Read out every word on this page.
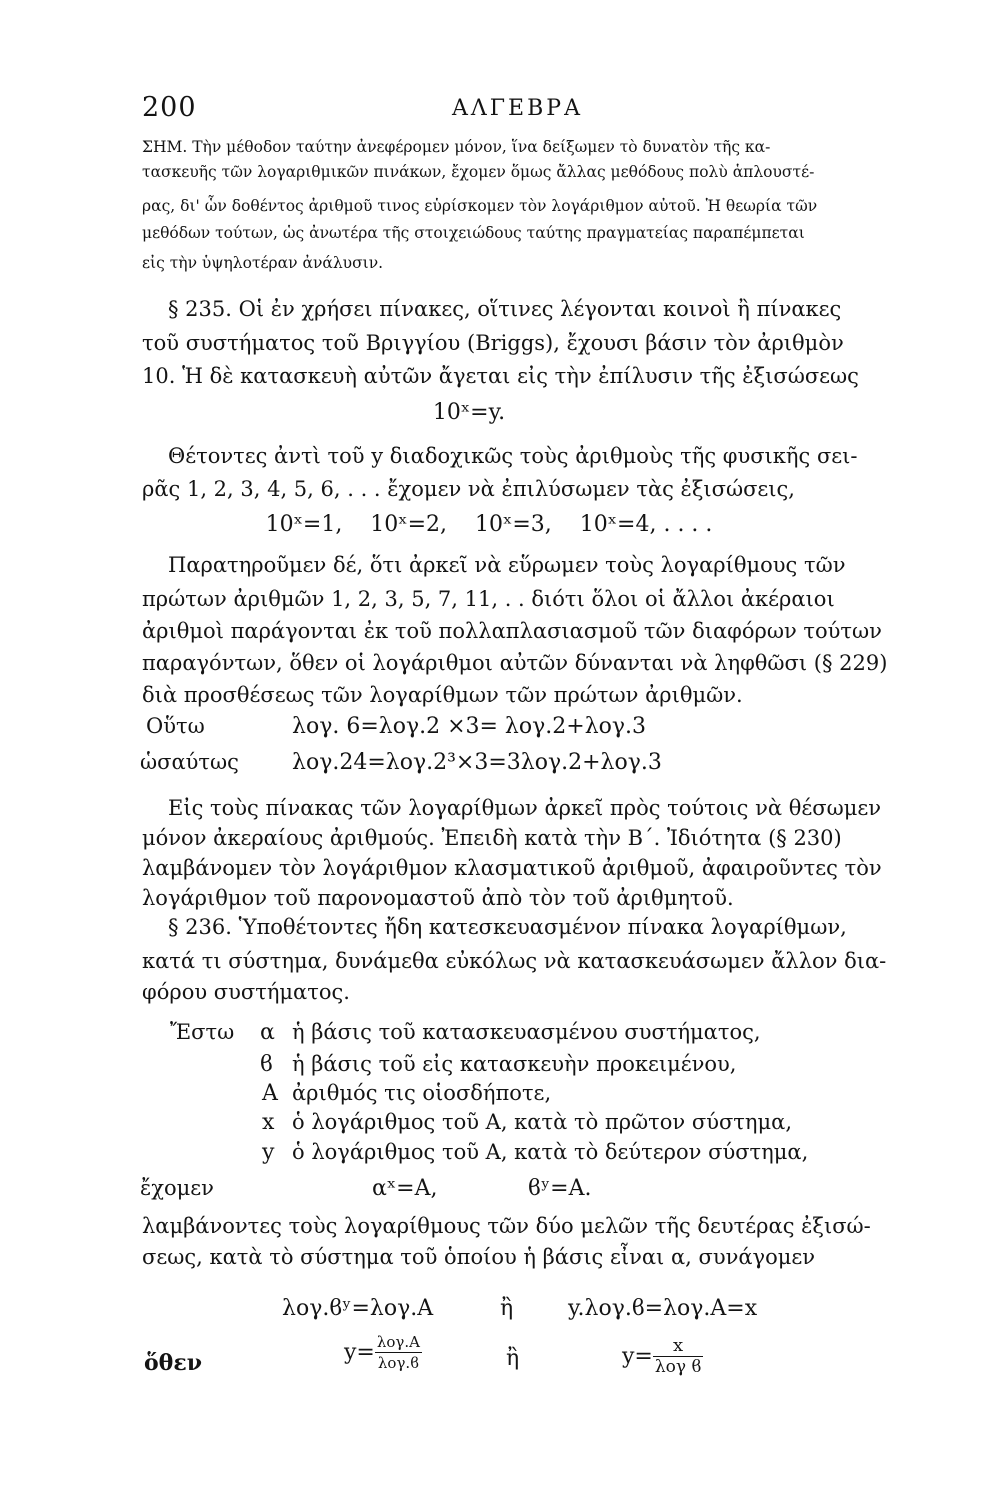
200	ΑΛΓΕΒΡΑ
ΣΗΜ. Τὴν μέθοδον ταύτην ἀνεφέρομεν μόνον, ἵνα δείξωμεν τὸ δυνατὸν τῆς κα-
τασκευῆς τῶν λογαριθμικῶν πινάκων, ἔχομεν ὅμως ἄλλας μεθόδους πολὺ ἁπλουστέ-
ρας, δι' ὧν δοθέντος ἀριθμοῦ τινος εὑρίσκομεν τὸν λογάριθμον αὐτοῦ. Ἡ θεωρία τῶν
μεθόδων τούτων, ὡς ἀνωτέρα τῆς στοιχειώδους ταύτης πραγματείας παραπέμπεται
εἰς τὴν ὑψηλοτέραν ἀνάλυσιν.
§ 235. Οἱ ἐν χρήσει πίνακες, οἵτινες λέγονται κοινοὶ ἢ πίνακες
τοῦ συστήματος τοῦ Βριγγίου (Briggs), ἔχουσι βάσιν τὸν ἀριθμὸν
10. Ἡ δὲ κατασκευὴ αὐτῶν ἄγεται εἰς τὴν ἐπίλυσιν τῆς ἐξισώσεως
10ˣ=y.
Θέτοντες ἀντὶ τοῦ y διαδοχικῶς τοὺς ἀριθμοὺς τῆς φυσικῆς σει-
ρᾶς 1, 2, 3, 4, 5, 6, . . . ἔχομεν νὰ ἐπιλύσωμεν τὰς ἐξισώσεις,
10ˣ=1,    10ˣ=2,    10ˣ=3,    10ˣ=4, . . . .
Παρατηροῦμεν δέ, ὅτι ἀρκεῖ νὰ εὕρωμεν τοὺς λογαρίθμους τῶν
πρώτων ἀριθμῶν 1, 2, 3, 5, 7, 11, . . διότι ὅλοι οἱ ἄλλοι ἀκέραιοι
ἀριθμοὶ παράγονται ἐκ τοῦ πολλαπλασιασμοῦ τῶν διαφόρων τούτων
παραγόντων, ὅθεν οἱ λογάριθμοι αὐτῶν δύνανται νὰ ληφθῶσι (§ 229)
διὰ προσθέσεως τῶν λογαρίθμων τῶν πρώτων ἀριθμῶν.
Οὕτω	λογ. 6=λογ.2 ×3= λογ.2+λογ.3
ὡσαύτως λογ.24=λογ.2³×3=3λογ.2+λογ.3
Εἰς τοὺς πίνακας τῶν λογαρίθμων ἀρκεῖ πρὸς τούτοις νὰ θέσωμεν
μόνον ἀκεραίους ἀριθμούς. Ἐπειδὴ κατὰ τὴν Β΄. Ἰδιότητα (§ 230)
λαμβάνομεν τὸν λογάριθμον κλασματικοῦ ἀριθμοῦ, ἀφαιροῦντες τὸν
λογάριθμον τοῦ παρονομαστοῦ ἀπὸ τὸν τοῦ ἀριθμητοῦ.
§ 236. Ὑποθέτοντες ἤδη κατεσκευασμένον πίνακα λογαρίθμων,
κατά τι σύστημα, δυνάμεθα εὐκόλως νὰ κατασκευάσωμεν ἄλλον δια-
φόρου συστήματος.
Ἔστω α ἡ βάσις τοῦ κατασκευασμένου συστήματος,
ϐ ἡ βάσις τοῦ εἰς κατασκευὴν προκειμένου,
Α ἀριθμός τις οἱοσδήποτε,
x ὁ λογάριθμος τοῦ Α, κατὰ τὸ πρῶτον σύστημα,
y ὁ λογάριθμος τοῦ Α, κατὰ τὸ δεύτερον σύστημα,
ἔχομεν	αˣ=Α,	ϐʸ=Α.
λαμβάνοντες τοὺς λογαρίθμους τῶν δύο μελῶν τῆς δευτέρας ἐξισώ-
σεως, κατὰ τὸ σύστημα τοῦ ὁποίου ἡ βάσις εἶναι α, συνάγομεν
λογ.ϐʸ=λογ.Α	ἢ y.λογ.ϐ=λογ.Α=x
ὅθεν	$y= \frac{\text{λογ.Α}}{\text{λογ.ϐ}}$	ἢ	$y= \frac{x}{\text{λογ ϐ}}$
